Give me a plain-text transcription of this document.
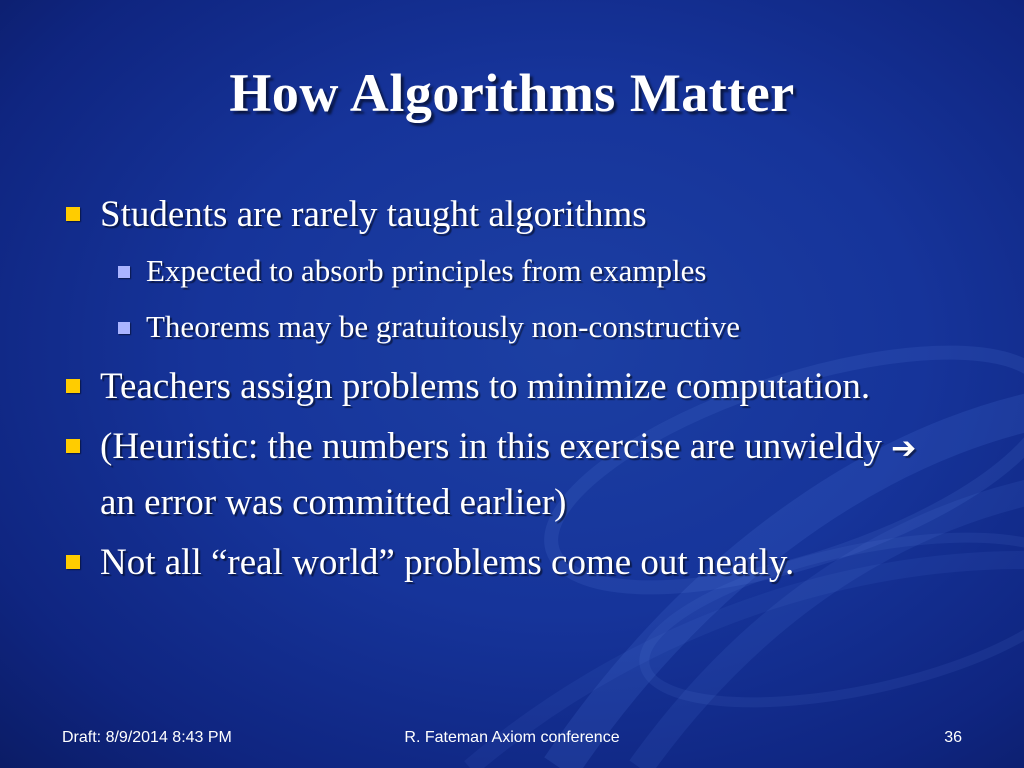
How Algorithms Matter
Students are rarely taught algorithms
Expected to absorb principles from examples
Theorems may be gratuitously non-constructive
Teachers assign problems to minimize computation.
(Heuristic: the numbers in this exercise are unwieldy ➔ an error was committed earlier)
Not all “real world” problems come out neatly.
Draft: 8/9/2014 8:43 PM	R. Fateman Axiom conference	36
